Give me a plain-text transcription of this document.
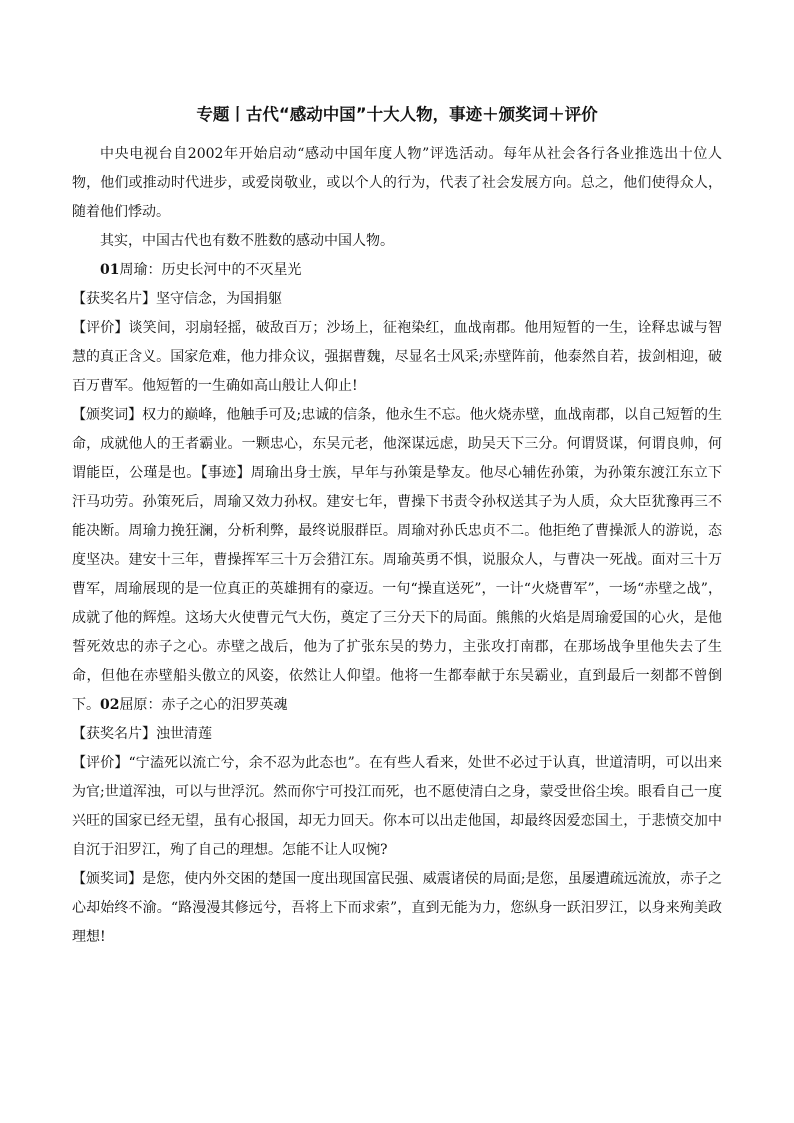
专题丨古代“感动中国”十大人物，事迹＋颁奖词＋评价

中央电视台自2002年开始启动“感动中国年度人物”评选活动。每年从社会各行各业推选出十位人物，他们或推动时代进步，或爱岗敬业，或以个人的行为，代表了社会发展方向。总之，他们使得众人，随着他们悸动。

其实，中国古代也有数不胜数的感动中国人物。

01周瑜：历史长河中的不灭星光

【获奖名片】坚守信念，为国捐躯

【评价】谈笑间，羽扇轻摇，破敌百万；沙场上，征袍染红，血战南郡。他用短暂的一生，诠释忠诚与智慧的真正含义。国家危难，他力排众议，强据曹魏，尽显名士风采;赤壁阵前，他泰然自若，拔剑相迎，破百万曹军。他短暂的一生确如高山般让人仰止!

【颁奖词】权力的巅峰，他触手可及;忠诚的信条，他永生不忘。他火烧赤壁，血战南郡，以自己短暂的生命，成就他人的王者霸业。一颗忠心，东吴元老，他深谋远虑，助吴天下三分。何谓贤谋，何谓良帅，何谓能臣，公瑾是也。【事迹】周瑜出身士族，早年与孙策是挚友。他尽心辅佐孙策，为孙策东渡江东立下汗马功劳。孙策死后，周瑜又效力孙权。建安七年，曹操下书责令孙权送其子为人质，众大臣犹豫再三不能决断。周瑜力挽狂澜，分析利弊，最终说服群臣。周瑜对孙氏忠贞不二。他拒绝了曹操派人的游说，态度坚决。建安十三年，曹操挥军三十万会猎江东。周瑜英勇不惧，说服众人，与曹决一死战。面对三十万曹军，周瑜展现的是一位真正的英雄拥有的豪迈。一句“操直送死”，一计“火烧曹军”，一场“赤壁之战”，成就了他的辉煌。这场大火使曹元气大伤，奠定了三分天下的局面。熊熊的火焰是周瑜爱国的心火，是他誓死效忠的赤子之心。赤壁之战后，他为了扩张东吴的势力，主张攻打南郡，在那场战争里他失去了生命，但他在赤壁船头傲立的风姿，依然让人仰望。他将一生都奉献于东吴霸业，直到最后一刻都不曾倒下。02屈原：赤子之心的汨罗英魂

【获奖名片】浊世清莲

【评价】“宁溘死以流亡兮，余不忍为此态也”。在有些人看来，处世不必过于认真，世道清明，可以出来为官;世道浑浊，可以与世浮沉。然而你宁可投江而死，也不愿使清白之身，蒙受世俗尘埃。眼看自己一度兴旺的国家已经无望，虽有心报国，却无力回天。你本可以出走他国，却最终因爱恋国土，于悲愤交加中自沉于汨罗江，殉了自己的理想。怎能不让人叹惋?

【颁奖词】是您，使内外交困的楚国一度出现国富民强、威震诸侯的局面;是您，虽屡遭疏远流放，赤子之心却始终不渝。“路漫漫其修远兮，吾将上下而求索”，直到无能为力，您纵身一跃汨罗江，以身来殉美政理想!
